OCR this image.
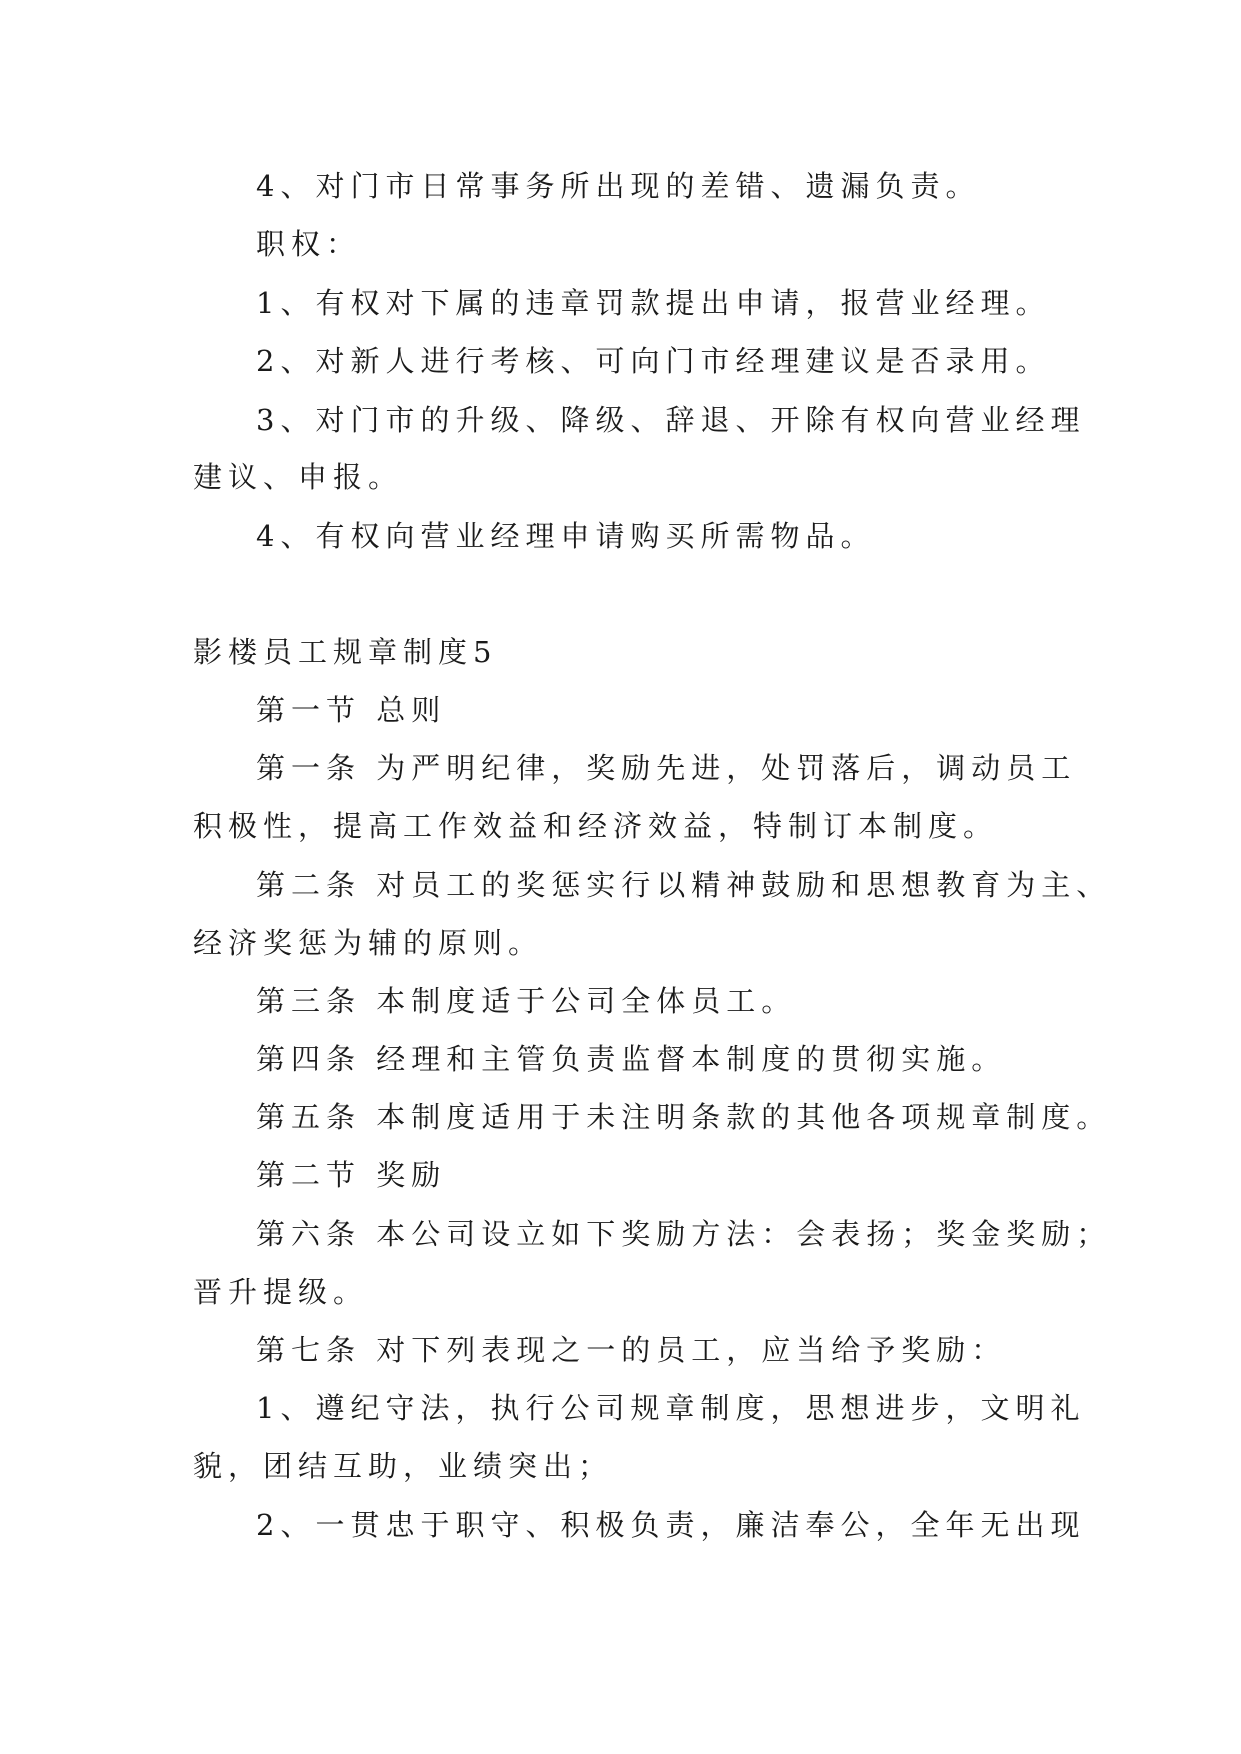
4、对门市日常事务所出现的差错、遗漏负责。
职权：
1、有权对下属的违章罚款提出申请，报营业经理。
2、对新人进行考核、可向门市经理建议是否录用。
3、对门市的升级、降级、辞退、开除有权向营业经理
建议、申报。
4、有权向营业经理申请购买所需物品。
影楼员工规章制度5
第一节 总则
第一条 为严明纪律，奖励先进，处罚落后，调动员工
积极性，提高工作效益和经济效益，特制订本制度。
第二条 对员工的奖惩实行以精神鼓励和思想教育为主、
经济奖惩为辅的原则。
第三条 本制度适于公司全体员工。
第四条 经理和主管负责监督本制度的贯彻实施。
第五条 本制度适用于未注明条款的其他各项规章制度。
第二节 奖励
第六条 本公司设立如下奖励方法：会表扬；奖金奖励；
晋升提级。
第七条 对下列表现之一的员工，应当给予奖励：
1、遵纪守法，执行公司规章制度，思想进步，文明礼
貌，团结互助，业绩突出；
2、一贯忠于职守、积极负责，廉洁奉公，全年无出现
